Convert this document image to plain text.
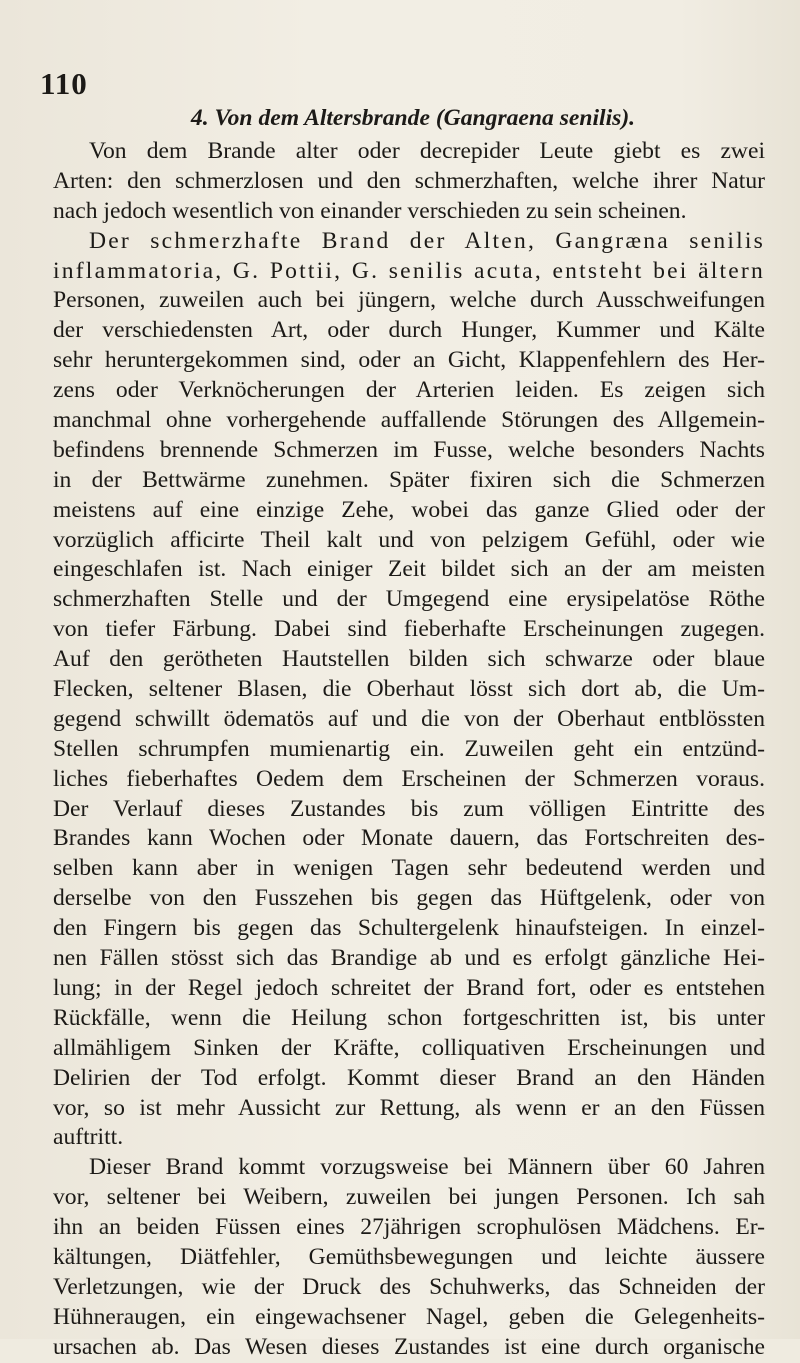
110
4. Von dem Altersbrande (Gangraena senilis).
Von dem Brande alter oder decrepider Leute giebt es zwei
Arten: den schmerzlosen und den schmerzhaften, welche ihrer Natur
nach jedoch wesentlich von einander verschieden zu sein scheinen.
Der schmerzhafte Brand der Alten, Gangræna senilis
inflammatoria, G. Pottii, G. senilis acuta, entsteht bei ältern
Personen, zuweilen auch bei jüngern, welche durch Ausschweifungen
der verschiedensten Art, oder durch Hunger, Kummer und Kälte
sehr heruntergekommen sind, oder an Gicht, Klappenfehlern des Her-
zens oder Verknöcherungen der Arterien leiden. Es zeigen sich
manchmal ohne vorhergehende auffallende Störungen des Allgemein-
befindens brennende Schmerzen im Fusse, welche besonders Nachts
in der Bettwärme zunehmen. Später fixiren sich die Schmerzen
meistens auf eine einzige Zehe, wobei das ganze Glied oder der
vorzüglich afficirte Theil kalt und von pelzigem Gefühl, oder wie
eingeschlafen ist. Nach einiger Zeit bildet sich an der am meisten
schmerzhaften Stelle und der Umgegend eine erysipelatöse Röthe
von tiefer Färbung. Dabei sind fieberhafte Erscheinungen zugegen.
Auf den gerötheten Hautstellen bilden sich schwarze oder blaue
Flecken, seltener Blasen, die Oberhaut lösst sich dort ab, die Um-
gegend schwillt ödematös auf und die von der Oberhaut entblössten
Stellen schrumpfen mumienartig ein. Zuweilen geht ein entzünd-
liches fieberhaftes Oedem dem Erscheinen der Schmerzen voraus.
Der Verlauf dieses Zustandes bis zum völligen Eintritte des
Brandes kann Wochen oder Monate dauern, das Fortschreiten des-
selben kann aber in wenigen Tagen sehr bedeutend werden und
derselbe von den Fusszehen bis gegen das Hüftgelenk, oder von
den Fingern bis gegen das Schultergelenk hinaufsteigen. In einzel-
nen Fällen stösst sich das Brandige ab und es erfolgt gänzliche Hei-
lung; in der Regel jedoch schreitet der Brand fort, oder es entstehen
Rückfälle, wenn die Heilung schon fortgeschritten ist, bis unter
allmähligem Sinken der Kräfte, colliquativen Erscheinungen und
Delirien der Tod erfolgt. Kommt dieser Brand an den Händen
vor, so ist mehr Aussicht zur Rettung, als wenn er an den Füssen
auftritt.
Dieser Brand kommt vorzugsweise bei Männern über 60 Jahren
vor, seltener bei Weibern, zuweilen bei jungen Personen. Ich sah
ihn an beiden Füssen eines 27jährigen scrophulösen Mädchens. Er-
kältungen, Diätfehler, Gemüthsbewegungen und leichte äussere
Verletzungen, wie der Druck des Schuhwerks, das Schneiden der
Hühneraugen, ein eingewachsener Nagel, geben die Gelegenheits-
ursachen ab. Das Wesen dieses Zustandes ist eine durch organische
